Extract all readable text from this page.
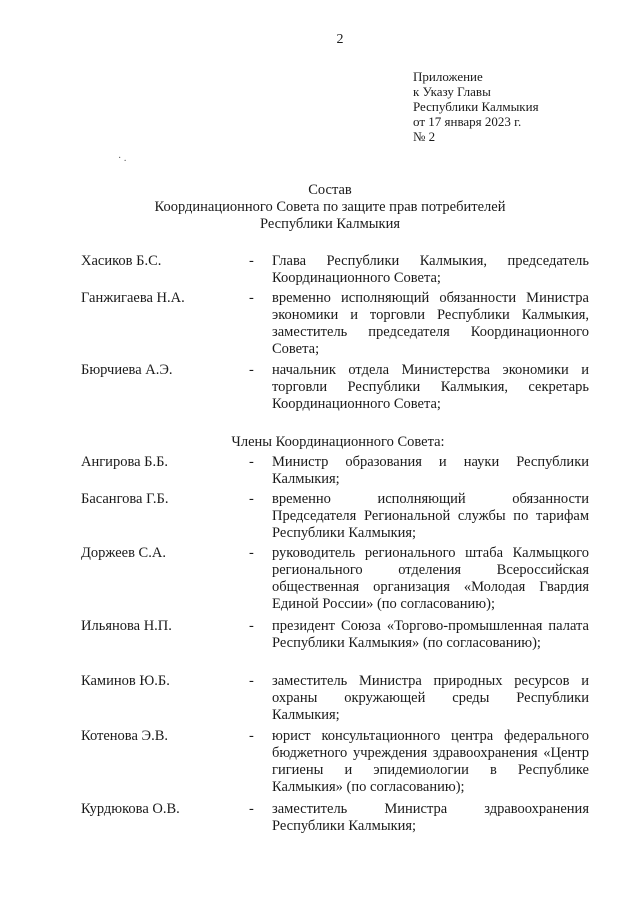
2
Приложение
к Указу Главы
Республики Калмыкия
от 17 января 2023 г.
№ 2
· .
Состав
Координационного Совета по защите прав потребителей
Республики Калмыкия
Хасиков Б.С.	- Глава Республики Калмыкия, председатель Координационного Совета;
Ганжигаева Н.А.	- временно исполняющий обязанности Министра экономики и торговли Республики Калмыкия, заместитель председателя Координационного Совета;
Бюрчиева А.Э.	- начальник отдела Министерства экономики и торговли Республики Калмыкия, секретарь Координационного Совета;
Члены Координационного Совета:
Ангирова Б.Б.	- Министр образования и науки Республики Калмыкия;
Басангова Г.Б.	- временно исполняющий обязанности Председателя Региональной службы по тарифам Республики Калмыкия;
Доржеев С.А.	- руководитель регионального штаба Калмыцкого регионального отделения Всероссийская общественная организация «Молодая Гвардия Единой России» (по согласованию);
Ильянова Н.П.	- президент Союза «Торгово-промышленная палата Республики Калмыкия» (по согласованию);
Каминов Ю.Б.	- заместитель Министра природных ресурсов и охраны окружающей среды Республики Калмыкия;
Котенова Э.В.	- юрист консультационного центра федерального бюджетного учреждения здравоохранения «Центр гигиены и эпидемиологии в Республике Калмыкия» (по согласованию);
Курдюкова О.В.	- заместитель Министра здравоохранения Республики Калмыкия;
